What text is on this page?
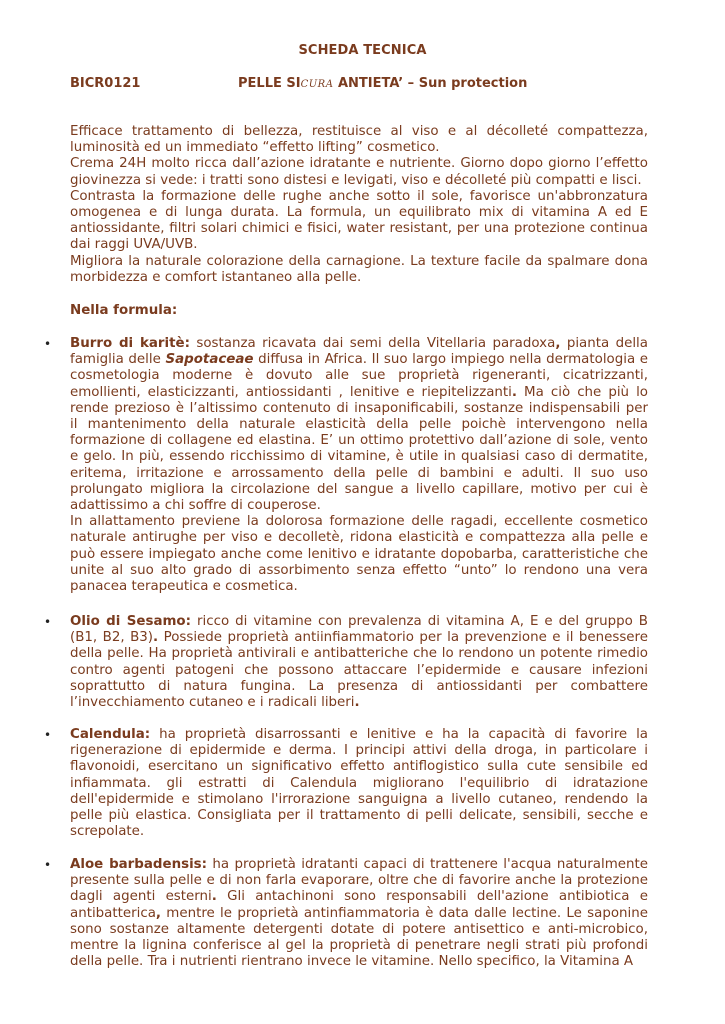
SCHEDA TECNICA
BICR0121	PELLE SICURA ANTIETA’ – Sun protection

Efficace trattamento di bellezza, restituisce al viso e al décolleté compattezza, luminosità ed un immediato “effetto lifting” cosmetico.

Crema 24H molto ricca dall’azione idratante e nutriente. Giorno dopo giorno l’effetto giovinezza si vede: i tratti sono distesi e levigati, viso e décolleté più compatti e lisci.

Contrasta la formazione delle rughe anche sotto il sole, favorisce un'abbronzatura omogenea e di lunga durata. La formula, un equilibrato mix di vitamina A ed E antiossidante, filtri solari chimici e fisici, water resistant, per una protezione continua dai raggi UVA/UVB.

Migliora la naturale colorazione della carnagione. La texture facile da spalmare dona morbidezza e comfort istantaneo alla pelle.

Nella formula:
• Burro di karitè: sostanza ricavata dai semi della Vitellaria paradoxa, pianta della famiglia delle Sapotaceae diffusa in Africa. Il suo largo impiego nella dermatologia e cosmetologia moderne è dovuto alle sue proprietà rigeneranti, cicatrizzanti, emollienti, elasticizzanti, antiossidanti , lenitive e riepitelizzanti. Ma ciò che più lo rende prezioso è l’altissimo contenuto di insaponificabili, sostanze indispensabili per il mantenimento della naturale elasticità della pelle poichè intervengono nella formazione di collagene ed elastina. E’ un ottimo protettivo dall’azione di sole, vento e gelo. In più, essendo ricchissimo di vitamine, è utile in qualsiasi caso di dermatite, eritema, irritazione e arrossamento della pelle di bambini e adulti. Il suo uso prolungato migliora la circolazione del sangue a livello capillare, motivo per cui è adattissimo a chi soffre di couperose.

In allattamento previene la dolorosa formazione delle ragadi, eccellente cosmetico naturale antirughe per viso e decolletè, ridona elasticità e compattezza alla pelle e può essere impiegato anche come lenitivo e idratante dopobarba, caratteristiche che unite al suo alto grado di assorbimento senza effetto “unto” lo rendono una vera panacea terapeutica e cosmetica.

• Olio di Sesamo: ricco di vitamine con prevalenza di vitamina A, E e del gruppo B (B1, B2, B3). Possiede proprietà antiinfiammatorio per la prevenzione e il benessere della pelle. Ha proprietà antivirali e antibatteriche che lo rendono un potente rimedio contro agenti patogeni che possono attaccare l’epidermide e causare infezioni soprattutto di natura fungina. La presenza di antiossidanti per combattere l’invecchiamento cutaneo e i radicali liberi.

• Calendula: ha proprietà disarrossanti e lenitive e ha la capacità di favorire la rigenerazione di epidermide e derma. I principi attivi della droga, in particolare i flavonoidi, esercitano un significativo effetto antiflogistico sulla cute sensibile ed infiammata. gli estratti di Calendula migliorano l'equilibrio di idratazione dell'epidermide e stimolano l'irrorazione sanguigna a livello cutaneo, rendendo la pelle più elastica. Consigliata per il trattamento di pelli delicate, sensibili, secche e screpolate.

• Aloe barbadensis: ha proprietà idratanti capaci di trattenere l'acqua naturalmente presente sulla pelle e di non farla evaporare, oltre che di favorire anche la protezione dagli agenti esterni. Gli antachinoni sono responsabili dell'azione antibiotica e antibatterica, mentre le proprietà antinfiammatoria è data dalle lectine. Le saponine sono sostanze altamente detergenti dotate di potere antisettico e anti-microbico, mentre la lignina conferisce al gel la proprietà di penetrare negli strati più profondi della pelle. Tra i nutrienti rientrano invece le vitamine. Nello specifico, la Vitamina A
